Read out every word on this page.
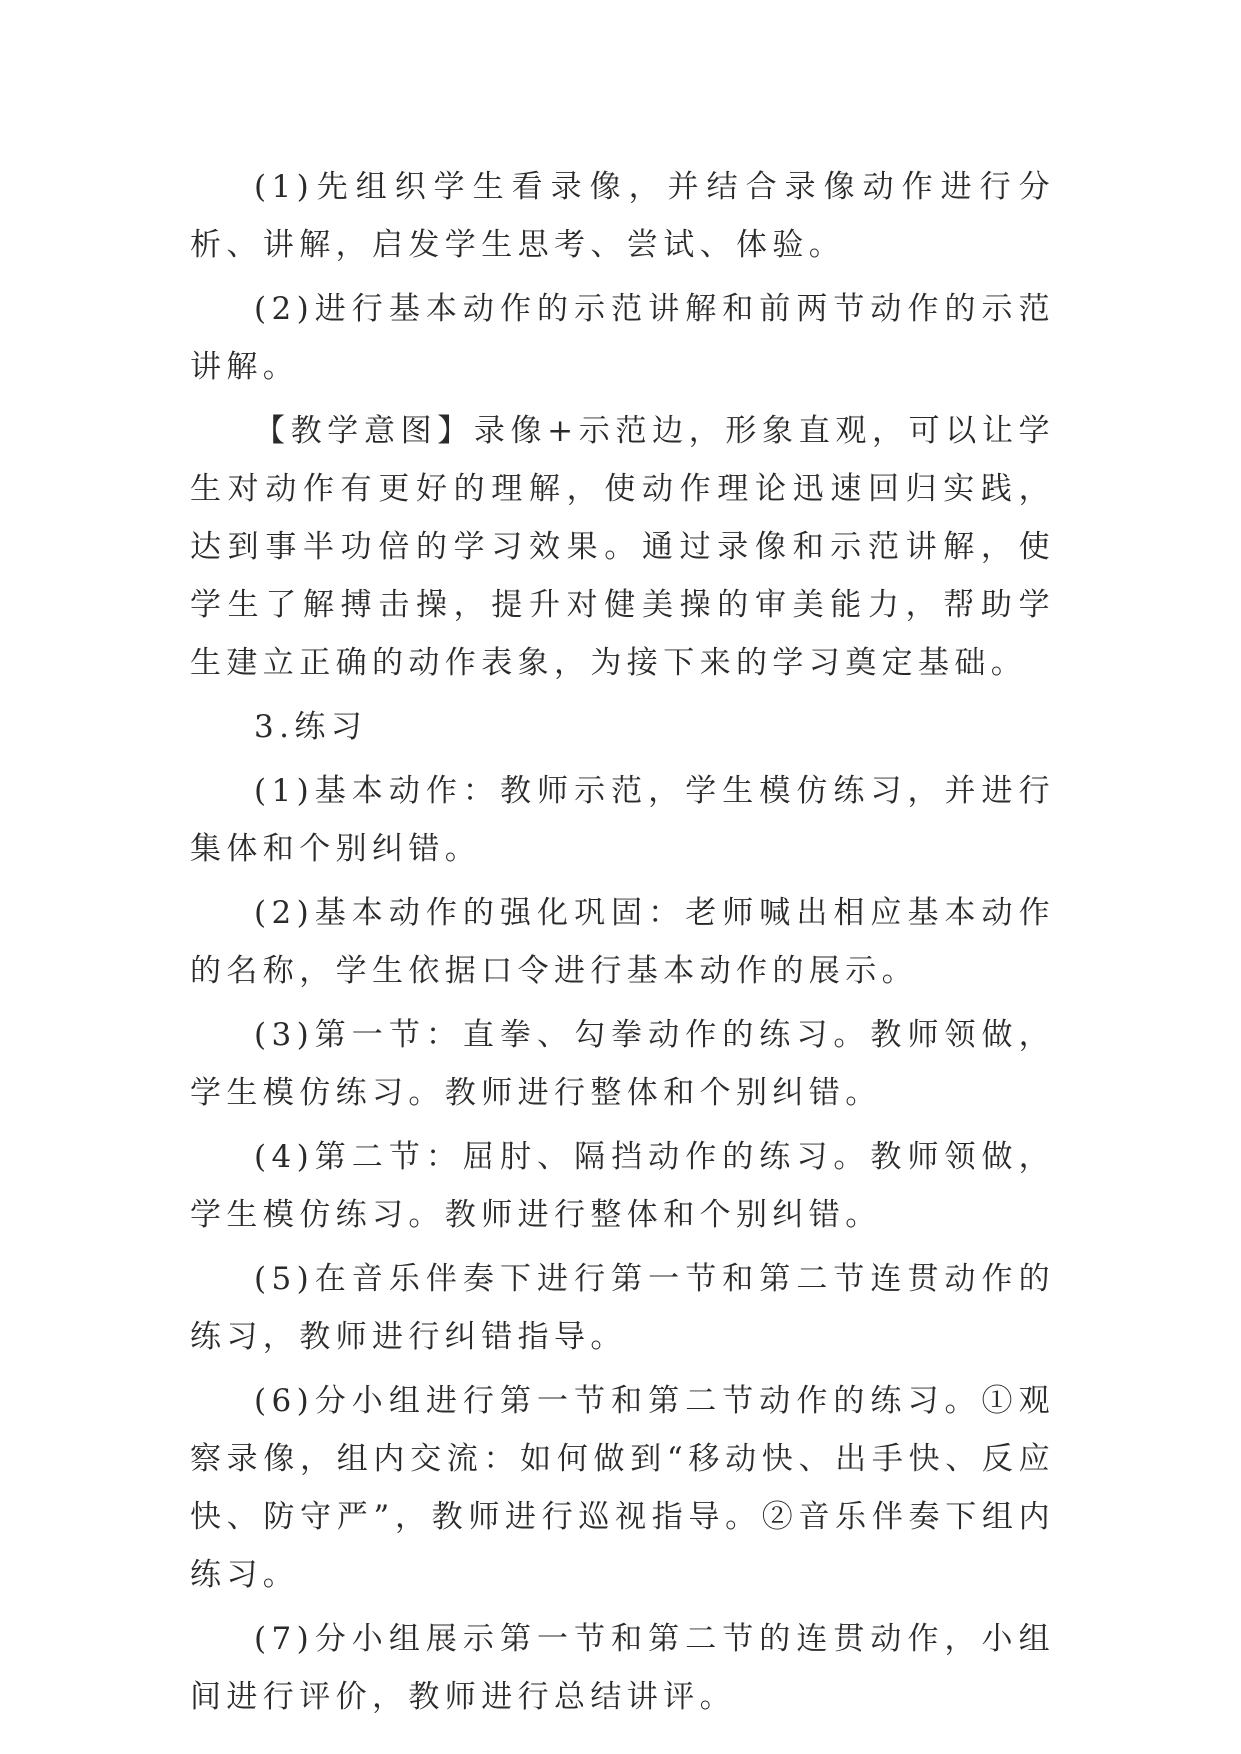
(1)先组织学生看录像，并结合录像动作进行分析、讲解，启发学生思考、尝试、体验。

(2)进行基本动作的示范讲解和前两节动作的示范讲解。

【教学意图】录像+示范边，形象直观，可以让学生对动作有更好的理解，使动作理论迅速回归实践，达到事半功倍的学习效果。通过录像和示范讲解，使学生了解搏击操，提升对健美操的审美能力，帮助学生建立正确的动作表象，为接下来的学习奠定基础。

3.练习

(1)基本动作：教师示范，学生模仿练习，并进行集体和个别纠错。

(2)基本动作的强化巩固：老师喊出相应基本动作的名称，学生依据口令进行基本动作的展示。

(3)第一节：直拳、勾拳动作的练习。教师领做，学生模仿练习。教师进行整体和个别纠错。

(4)第二节：屈肘、隔挡动作的练习。教师领做，学生模仿练习。教师进行整体和个别纠错。

(5)在音乐伴奏下进行第一节和第二节连贯动作的练习，教师进行纠错指导。

(6)分小组进行第一节和第二节动作的练习。①观察录像，组内交流：如何做到“移动快、出手快、反应快、防守严”，教师进行巡视指导。②音乐伴奏下组内练习。

(7)分小组展示第一节和第二节的连贯动作，小组间进行评价，教师进行总结讲评。
